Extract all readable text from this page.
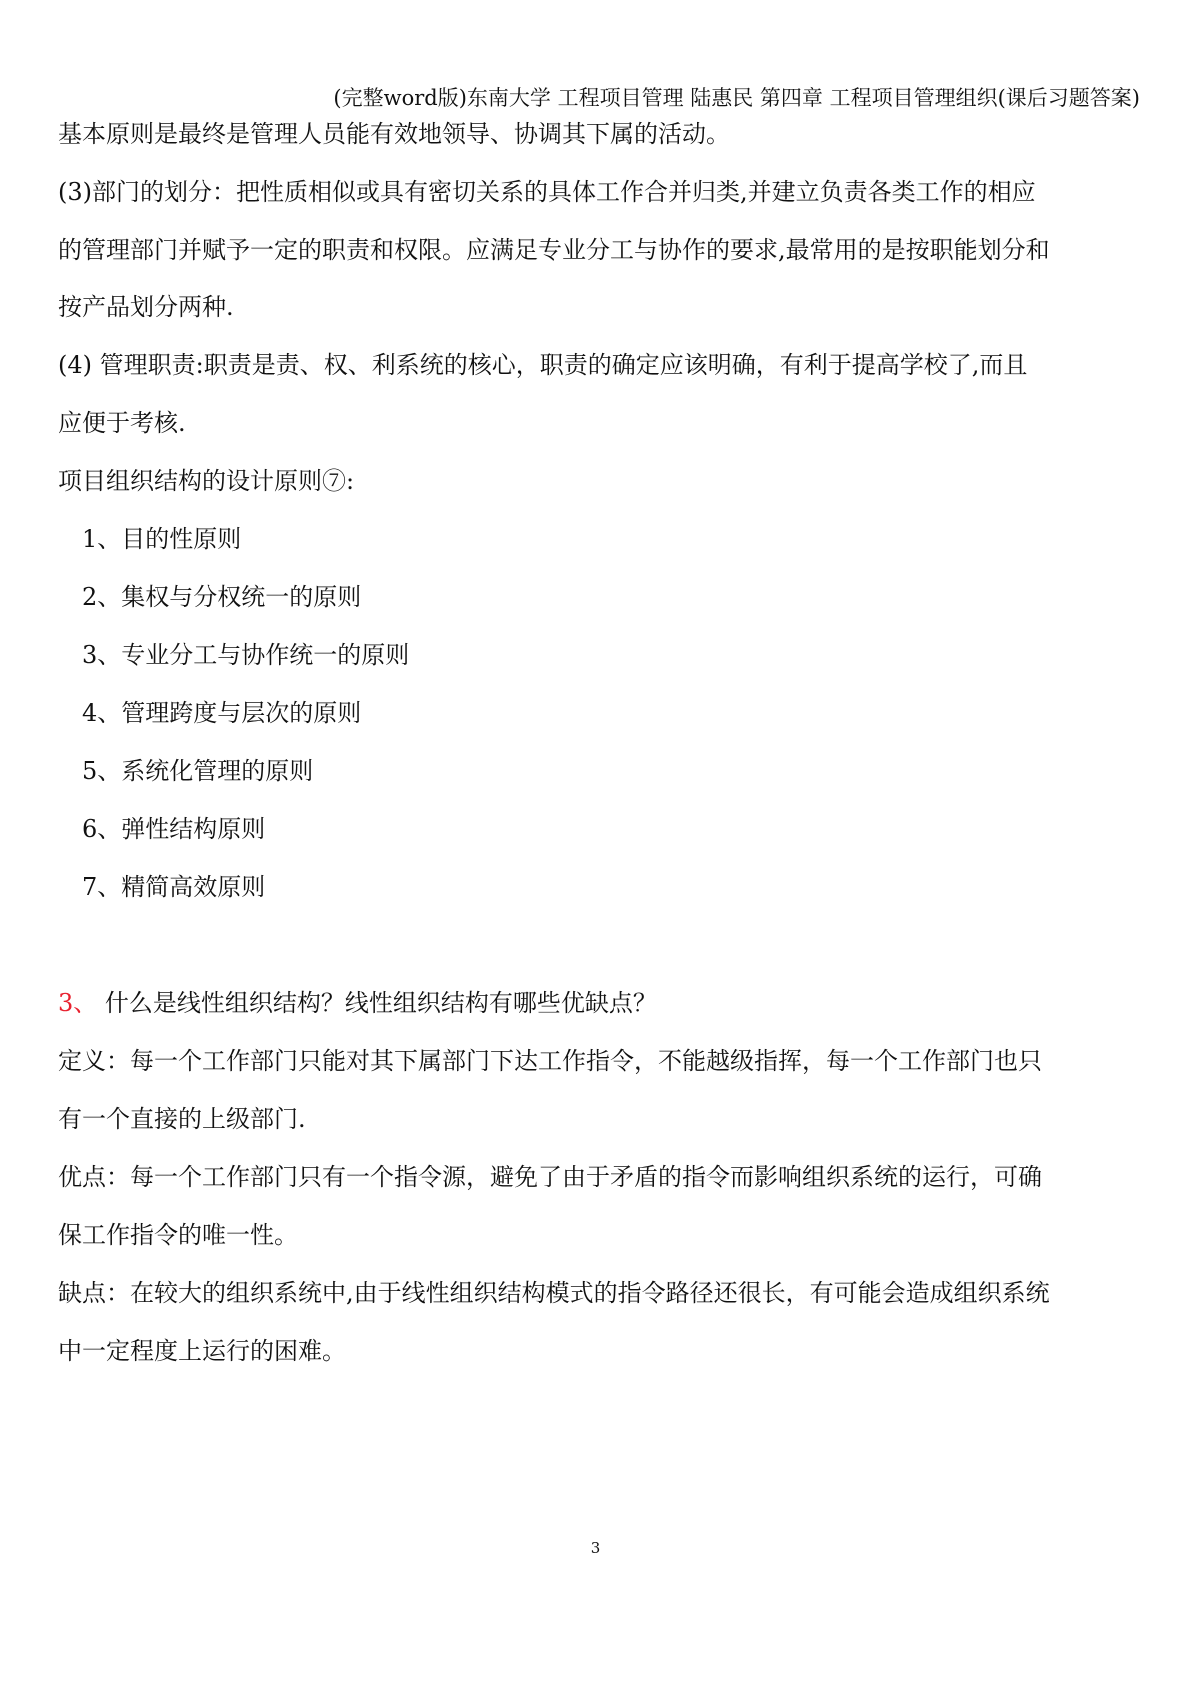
(完整word版)东南大学 工程项目管理 陆惠民 第四章 工程项目管理组织(课后习题答案)
基本原则是最终是管理人员能有效地领导、协调其下属的活动。
(3)部门的划分：把性质相似或具有密切关系的具体工作合并归类,并建立负责各类工作的相应
的管理部门并赋予一定的职责和权限。应满足专业分工与协作的要求,最常用的是按职能划分和
按产品划分两种.
(4) 管理职责:职责是责、权、利系统的核心，职责的确定应该明确，有利于提高学校了,而且
应便于考核.
项目组织结构的设计原则⑦:
1、目的性原则
2、集权与分权统一的原则
3、专业分工与协作统一的原则
4、管理跨度与层次的原则
5、系统化管理的原则
6、弹性结构原则
7、精简高效原则
3、 什么是线性组织结构？线性组织结构有哪些优缺点？
定义：每一个工作部门只能对其下属部门下达工作指令，不能越级指挥，每一个工作部门也只
有一个直接的上级部门.
优点：每一个工作部门只有一个指令源，避免了由于矛盾的指令而影响组织系统的运行，可确
保工作指令的唯一性。
缺点：在较大的组织系统中,由于线性组织结构模式的指令路径还很长，有可能会造成组织系统
中一定程度上运行的困难。
3
